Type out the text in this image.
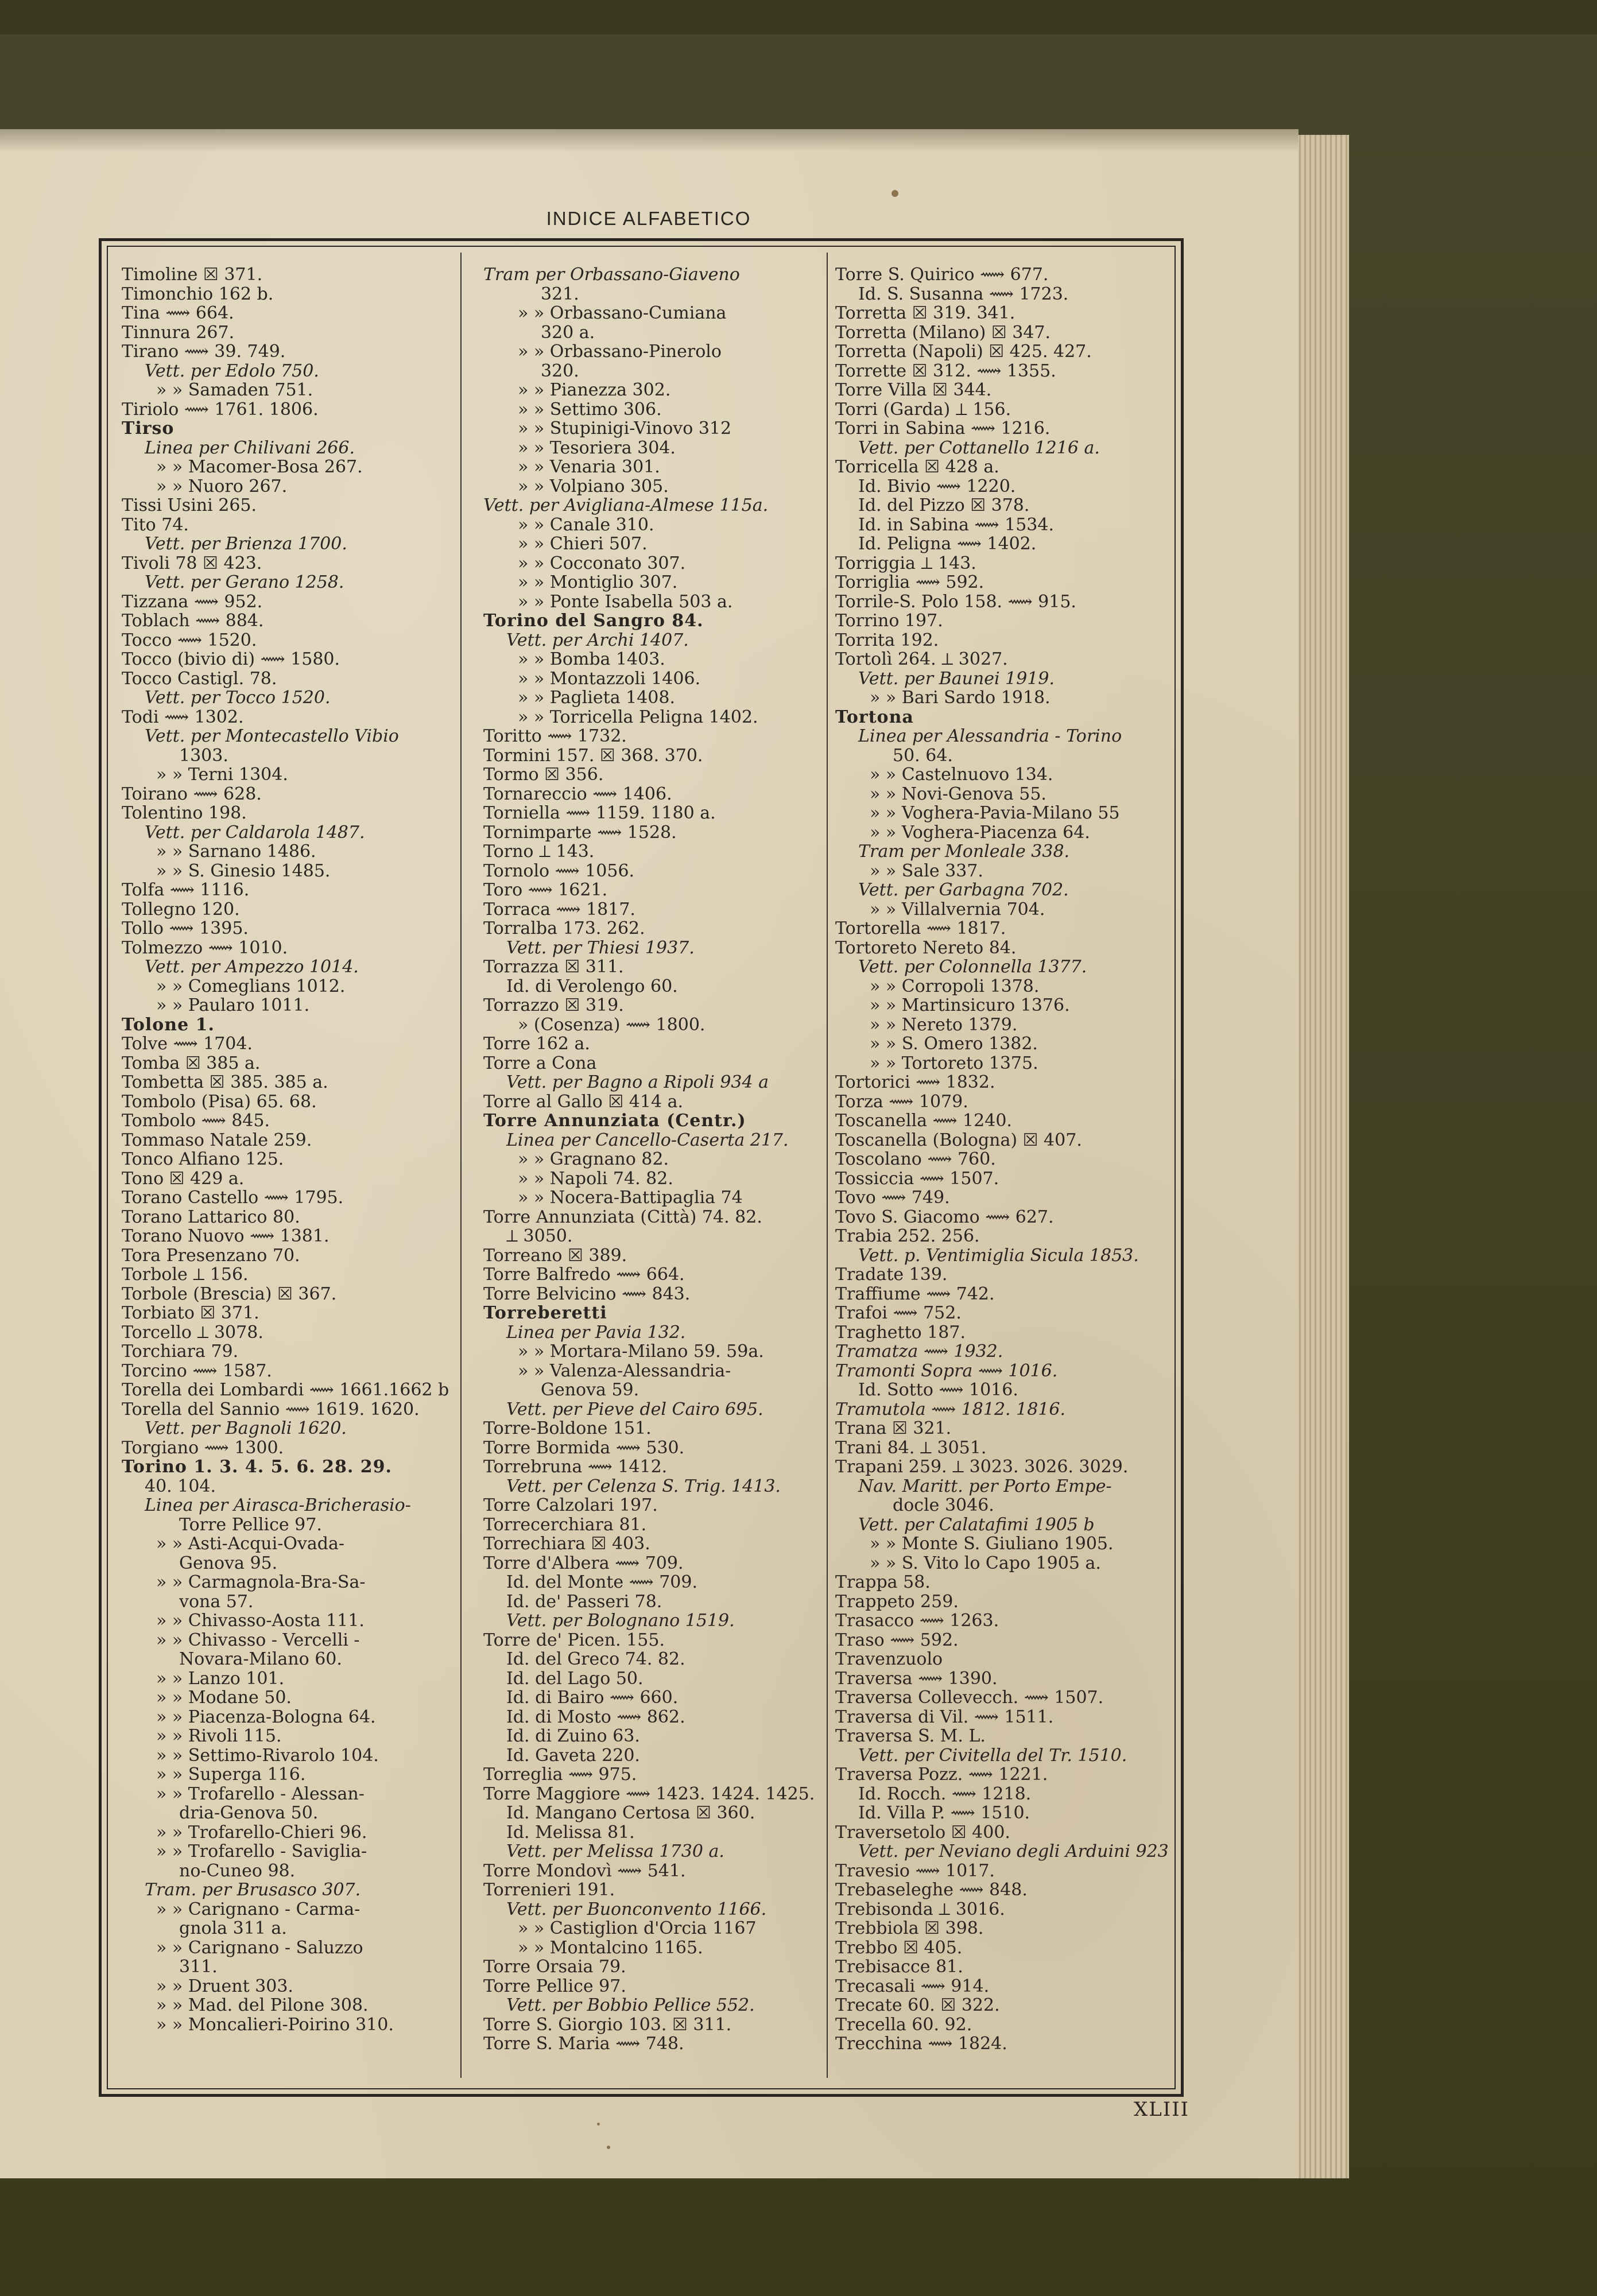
INDICE ALFABETICO
Timoline ☒ 371.
Timonchio 162 b.
Tina ⟿ 664.
Tinnura 267.
Tirano ⟿ 39. 749.
Vett. per Edolo 750.
» » Samaden 751.
Tiriolo ⟿ 1761. 1806.
Tirso
Linea per Chilivani 266.
» » Macomer-Bosa 267.
» » Nuoro 267.
Tissi Usini 265.
Tito 74.
Vett. per Brienza 1700.
Tivoli 78 ☒ 423.
Vett. per Gerano 1258.
Tizzana ⟿ 952.
Toblach ⟿ 884.
Tocco ⟿ 1520.
Tocco (bivio di) ⟿ 1580.
Tocco Castigl. 78.
Vett. per Tocco 1520.
Todi ⟿ 1302.
Vett. per Montecastello Vibio
1303.
» » Terni 1304.
Toirano ⟿ 628.
Tolentino 198.
Vett. per Caldarola 1487.
» » Sarnano 1486.
» » S. Ginesio 1485.
Tolfa ⟿ 1116.
Tollegno 120.
Tollo ⟿ 1395.
Tolmezzo ⟿ 1010.
Vett. per Ampezzo 1014.
» » Comeglians 1012.
» » Paularo 1011.
Tolone 1.
Tolve ⟿ 1704.
Tomba ☒ 385 a.
Tombetta ☒ 385. 385 a.
Tombolo (Pisa) 65. 68.
Tombolo ⟿ 845.
Tommaso Natale 259.
Tonco Alfiano 125.
Tono ☒ 429 a.
Torano Castello ⟿ 1795.
Torano Lattarico 80.
Torano Nuovo ⟿ 1381.
Tora Presenzano 70.
Torbole ⟂ 156.
Torbole (Brescia) ☒ 367.
Torbiato ☒ 371.
Torcello ⟂ 3078.
Torchiara 79.
Torcino ⟿ 1587.
Torella dei Lombardi ⟿ 1661.1662 b
Torella del Sannio ⟿ 1619. 1620.
Vett. per Bagnoli 1620.
Torgiano ⟿ 1300.
Torino 1. 3. 4. 5. 6. 28. 29.
40. 104.
Linea per Airasca-Bricherasio-
Torre Pellice 97.
» » Asti-Acqui-Ovada-
Genova 95.
» » Carmagnola-Bra-Sa-
vona 57.
» » Chivasso-Aosta 111.
» » Chivasso - Vercelli -
Novara-Milano 60.
» » Lanzo 101.
» » Modane 50.
» » Piacenza-Bologna 64.
» » Rivoli 115.
» » Settimo-Rivarolo 104.
» » Superga 116.
» » Trofarello - Alessan-
dria-Genova 50.
» » Trofarello-Chieri 96.
» » Trofarello - Saviglia-
no-Cuneo 98.
Tram. per Brusasco 307.
» » Carignano - Carma-
gnola 311 a.
» » Carignano - Saluzzo
311.
» » Druent 303.
» » Mad. del Pilone 308.
» » Moncalieri-Poirino 310.
Tram per Orbassano-Giaveno
321.
» » Orbassano-Cumiana
320 a.
» » Orbassano-Pinerolo
320.
» » Pianezza 302.
» » Settimo 306.
» » Stupinigi-Vinovo 312
» » Tesoriera 304.
» » Venaria 301.
» » Volpiano 305.
Vett. per Avigliana-Almese 115a.
» » Canale 310.
» » Chieri 507.
» » Cocconato 307.
» » Montiglio 307.
» » Ponte Isabella 503 a.
Torino del Sangro 84.
Vett. per Archi 1407.
» » Bomba 1403.
» » Montazzoli 1406.
» » Paglieta 1408.
» » Torricella Peligna 1402.
Toritto ⟿ 1732.
Tormini 157. ☒ 368. 370.
Tormo ☒ 356.
Tornareccio ⟿ 1406.
Torniella ⟿ 1159. 1180 a.
Tornimparte ⟿ 1528.
Torno ⟂ 143.
Tornolo ⟿ 1056.
Toro ⟿ 1621.
Torraca ⟿ 1817.
Torralba 173. 262.
Vett. per Thiesi 1937.
Torrazza ☒ 311.
Id. di Verolengo 60.
Torrazzo ☒ 319.
» (Cosenza) ⟿ 1800.
Torre 162 a.
Torre a Cona
Vett. per Bagno a Ripoli 934 a
Torre al Gallo ☒ 414 a.
Torre Annunziata (Centr.)
Linea per Cancello-Caserta 217.
» » Gragnano 82.
» » Napoli 74. 82.
» » Nocera-Battipaglia 74
Torre Annunziata (Città) 74. 82.
⟂ 3050.
Torreano ☒ 389.
Torre Balfredo ⟿ 664.
Torre Belvicino ⟿ 843.
Torreberetti
Linea per Pavia 132.
» » Mortara-Milano 59. 59a.
» » Valenza-Alessandria-
Genova 59.
Vett. per Pieve del Cairo 695.
Torre-Boldone 151.
Torre Bormida ⟿ 530.
Torrebruna ⟿ 1412.
Vett. per Celenza S. Trig. 1413.
Torre Calzolari 197.
Torrecerchiara 81.
Torrechiara ☒ 403.
Torre d'Albera ⟿ 709.
Id. del Monte ⟿ 709.
Id. de' Passeri 78.
Vett. per Bolognano 1519.
Torre de' Picen. 155.
Id. del Greco 74. 82.
Id. del Lago 50.
Id. di Bairo ⟿ 660.
Id. di Mosto ⟿ 862.
Id. di Zuino 63.
Id. Gaveta 220.
Torreglia ⟿ 975.
Torre Maggiore ⟿ 1423. 1424. 1425.
Id. Mangano Certosa ☒ 360.
Id. Melissa 81.
Vett. per Melissa 1730 a.
Torre Mondovì ⟿ 541.
Torrenieri 191.
Vett. per Buonconvento 1166.
» » Castiglion d'Orcia 1167
» » Montalcino 1165.
Torre Orsaia 79.
Torre Pellice 97.
Vett. per Bobbio Pellice 552.
Torre S. Giorgio 103. ☒ 311.
Torre S. Maria ⟿ 748.
Torre S. Quirico ⟿ 677.
Id. S. Susanna ⟿ 1723.
Torretta ☒ 319. 341.
Torretta (Milano) ☒ 347.
Torretta (Napoli) ☒ 425. 427.
Torrette ☒ 312. ⟿ 1355.
Torre Villa ☒ 344.
Torri (Garda) ⟂ 156.
Torri in Sabina ⟿ 1216.
Vett. per Cottanello 1216 a.
Torricella ☒ 428 a.
Id. Bivio ⟿ 1220.
Id. del Pizzo ☒ 378.
Id. in Sabina ⟿ 1534.
Id. Peligna ⟿ 1402.
Torriggia ⟂ 143.
Torriglia ⟿ 592.
Torrile-S. Polo 158. ⟿ 915.
Torrino 197.
Torrita 192.
Tortolì 264. ⟂ 3027.
Vett. per Baunei 1919.
» » Bari Sardo 1918.
Tortona
Linea per Alessandria - Torino
50. 64.
» » Castelnuovo 134.
» » Novi-Genova 55.
» » Voghera-Pavia-Milano 55
» » Voghera-Piacenza 64.
Tram per Monleale 338.
» » Sale 337.
Vett. per Garbagna 702.
» » Villalvernia 704.
Tortorella ⟿ 1817.
Tortoreto Nereto 84.
Vett. per Colonnella 1377.
» » Corropoli 1378.
» » Martinsicuro 1376.
» » Nereto 1379.
» » S. Omero 1382.
» » Tortoreto 1375.
Tortorici ⟿ 1832.
Torza ⟿ 1079.
Toscanella ⟿ 1240.
Toscanella (Bologna) ☒ 407.
Toscolano ⟿ 760.
Tossiccia ⟿ 1507.
Tovo ⟿ 749.
Tovo S. Giacomo ⟿ 627.
Trabia 252. 256.
Vett. p. Ventimiglia Sicula 1853.
Tradate 139.
Traffiume ⟿ 742.
Trafoi ⟿ 752.
Traghetto 187.
Tramatza ⟿ 1932.
Tramonti Sopra ⟿ 1016.
Id. Sotto ⟿ 1016.
Tramutola ⟿ 1812. 1816.
Trana ☒ 321.
Trani 84. ⟂ 3051.
Trapani 259. ⟂ 3023. 3026. 3029.
Nav. Maritt. per Porto Empe-
docle 3046.
Vett. per Calatafimi 1905 b
» » Monte S. Giuliano 1905.
» » S. Vito lo Capo 1905 a.
Trappa 58.
Trappeto 259.
Trasacco ⟿ 1263.
Traso ⟿ 592.
Travenzuolo
Traversa ⟿ 1390.
Traversa Collevecch. ⟿ 1507.
Traversa di Vil. ⟿ 1511.
Traversa S. M. L.
Vett. per Civitella del Tr. 1510.
Traversa Pozz. ⟿ 1221.
Id. Rocch. ⟿ 1218.
Id. Villa P. ⟿ 1510.
Traversetolo ☒ 400.
Vett. per Neviano degli Arduini 923
Travesio ⟿ 1017.
Trebaseleghe ⟿ 848.
Trebisonda ⟂ 3016.
Trebbiola ☒ 398.
Trebbo ☒ 405.
Trebisacce 81.
Trecasali ⟿ 914.
Trecate 60. ☒ 322.
Trecella 60. 92.
Trecchina ⟿ 1824.
XLIII
